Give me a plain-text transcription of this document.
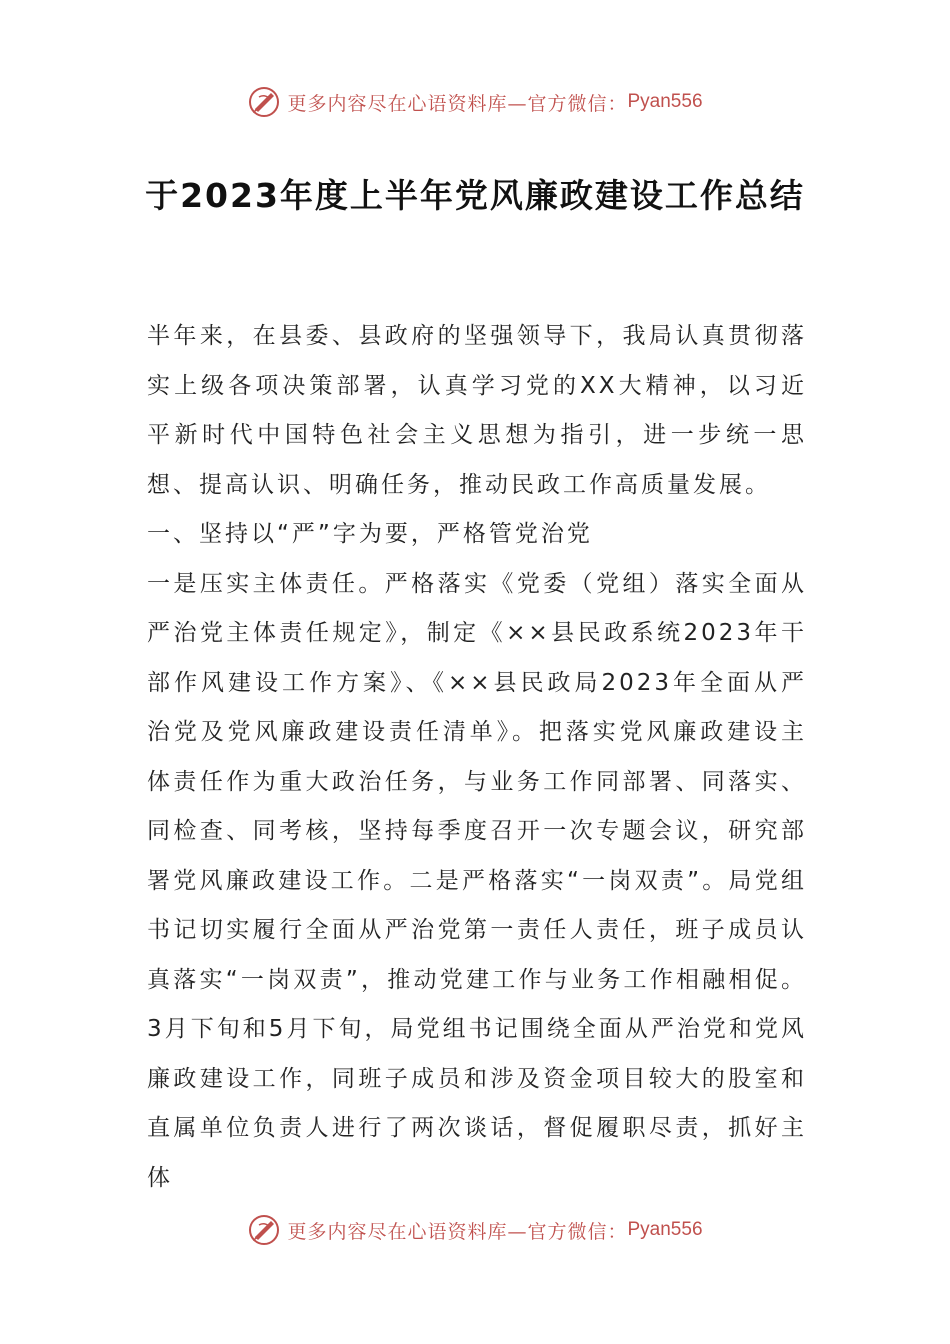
更多内容尽在心语资料库—官方微信： Pyan556
于2023年度上半年党风廉政建设工作总结

半年来，在县委、县政府的坚强领导下，我局认真贯彻落实上级各项决策部署，认真学习党的XX大精神，以习近平新时代中国特色社会主义思想为指引，进一步统一思想、提高认识、明确任务，推动民政工作高质量发展。

一、坚持以“严”字为要，严格管党治党

一是压实主体责任。严格落实《党委（党组）落实全面从严治党主体责任规定》，制定《××县民政系统2023年干部作风建设工作方案》、《××县民政局2023年全面从严治党及党风廉政建设责任清单》。把落实党风廉政建设主体责任作为重大政治任务，与业务工作同部署、同落实、同检查、同考核，坚持每季度召开一次专题会议，研究部署党风廉政建设工作。二是严格落实“一岗双责”。局党组书记切实履行全面从严治党第一责任人责任，班子成员认真落实“一岗双责”，推动党建工作与业务工作相融相促。3月下旬和5月下旬，局党组书记围绕全面从严治党和党风廉政建设工作，同班子成员和涉及资金项目较大的股室和直属单位负责人进行了两次谈话，督促履职尽责，抓好主体

更多内容尽在心语资料库—官方微信： Pyan556
